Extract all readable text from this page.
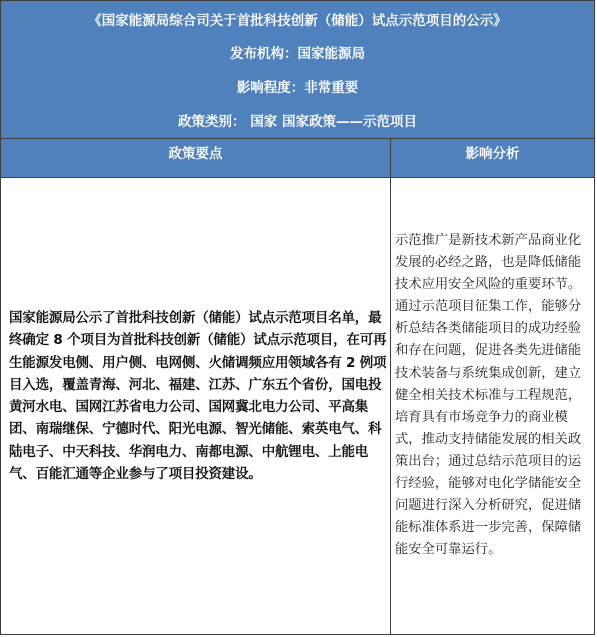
《国家能源局综合司关于首批科技创新（储能）试点示范项目的公示》
发布机构：国家能源局
影响程度：非常重要
政策类别： 国家 国家政策——示范项目
政策要点	影响分析
国家能源局公示了首批科技创新（储能）试点示范项目名单，最终确定 8 个项目为首批科技创新（储能）试点示范项目，在可再生能源发电侧、用户侧、电网侧、火储调频应用领域各有 2 例项目入选，覆盖青海、河北、福建、江苏、广东五个省份，国电投黄河水电、国网江苏省电力公司、国网冀北电力公司、平高集团、南瑞继保、宁德时代、阳光电源、智光储能、索英电气、科陆电子、中天科技、华润电力、南都电源、中航锂电、上能电气、百能汇通等企业参与了项目投资建设。
示范推广是新技术新产品商业化发展的必经之路，也是降低储能技术应用安全风险的重要环节。通过示范项目征集工作，能够分析总结各类储能项目的成功经验和存在问题，促进各类先进储能技术装备与系统集成创新，建立健全相关技术标准与工程规范，培育具有市场竞争力的商业模式，推动支持储能发展的相关政策出台；通过总结示范项目的运行经验，能够对电化学储能安全问题进行深入分析研究，促进储能标准体系进一步完善，保障储能安全可靠运行。
